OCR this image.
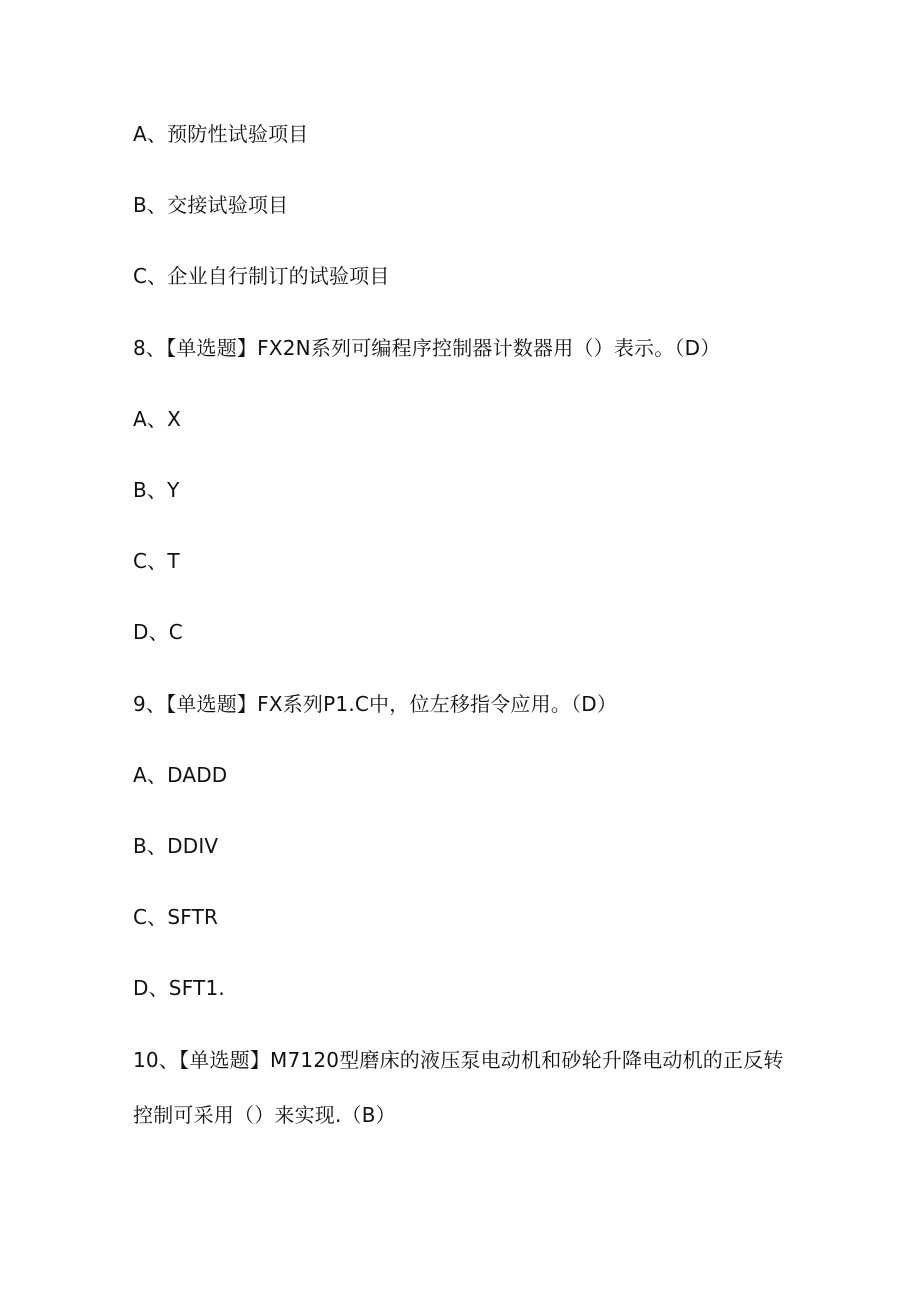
A、预防性试验项目

B、交接试验项目

C、企业自行制订的试验项目

8、【单选题】FX2N系列可编程序控制器计数器用（）表示。（D）

A、X

B、Y

C、T

D、C

9、【单选题】FX系列P1.C中，位左移指令应用。（D）

A、DADD

B、DDIV

C、SFTR

D、SFT1.

10、【单选题】M7120型磨床的液压泵电动机和砂轮升降电动机的正反转
控制可采用（）来实现.（B）
